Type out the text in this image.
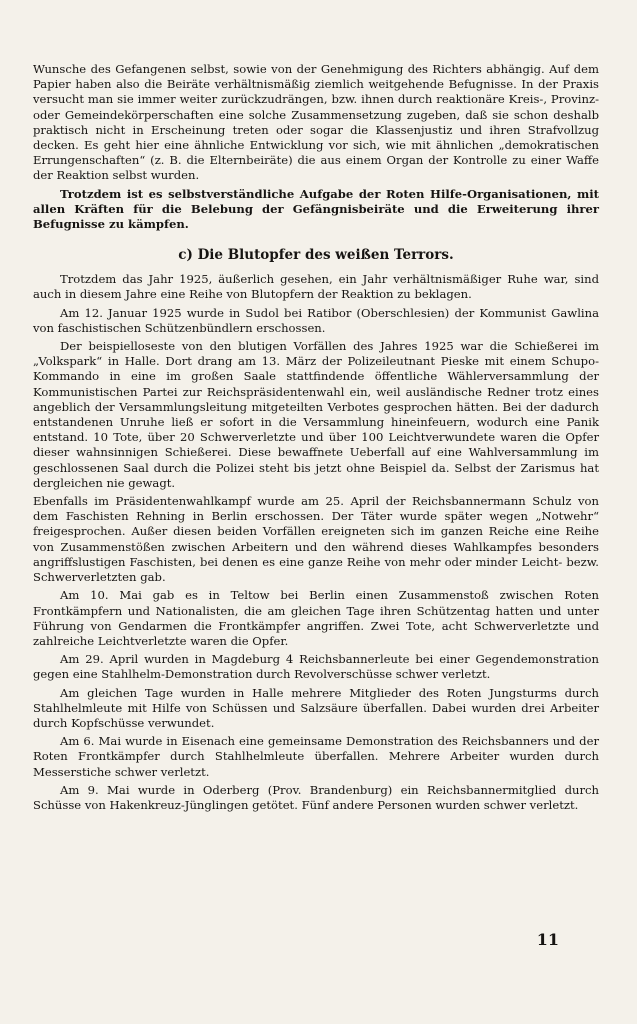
Wunsche des Gefangenen selbst, sowie von der Genehmigung des Richters abhängig. Auf dem Papier haben also die Beiräte verhältnismäßig ziemlich weitgehende Befugnisse. In der Praxis versucht man sie immer weiter zurückzudrängen, bzw. ihnen durch reaktionäre Kreis-, Provinz- oder Gemeindekörperschaften eine solche Zusammensetzung zugeben, daß sie schon deshalb praktisch nicht in Erscheinung treten oder sogar die Klassenjustiz und ihren Strafvollzug decken. Es geht hier eine ähnliche Entwicklung vor sich, wie mit ähnlichen „demokratischen Errungenschaften“ (z. B. die Elternbeiräte) die aus einem Organ der Kontrolle zu einer Waffe der Reaktion selbst wurden.

Trotzdem ist es selbstverständliche Aufgabe der Roten Hilfe-Organisationen, mit allen Kräften für die Belebung der Gefängnisbeiräte und die Erweiterung ihrer Befugnisse zu kämpfen.

c) Die Blutopfer des weißen Terrors.

Trotzdem das Jahr 1925, äußerlich gesehen, ein Jahr verhältnismäßiger Ruhe war, sind auch in diesem Jahre eine Reihe von Blutopfern der Reaktion zu beklagen.

Am 12. Januar 1925 wurde in Sudol bei Ratibor (Oberschlesien) der Kommunist Gawlina von faschistischen Schützenbündlern erschossen.

Der beispielloseste von den blutigen Vorfällen des Jahres 1925 war die Schießerei im „Volkspark“ in Halle. Dort drang am 13. März der Polizeileutnant Pieske mit einem Schupo-Kommando in eine im großen Saale stattfindende öffentliche Wählerversammlung der Kommunistischen Partei zur Reichspräsidentenwahl ein, weil ausländische Redner trotz eines angeblich der Versammlungsleitung mitgeteilten Verbotes gesprochen hätten. Bei der dadurch entstandenen Unruhe ließ er sofort in die Versammlung hineinfeuern, wodurch eine Panik entstand. 10 Tote, über 20 Schwerverletzte und über 100 Leichtverwundete waren die Opfer dieser wahnsinnigen Schießerei. Diese bewaffnete Ueberfall auf eine Wahlversammlung im geschlossenen Saal durch die Polizei steht bis jetzt ohne Beispiel da. Selbst der Zarismus hat dergleichen nie gewagt.

Ebenfalls im Präsidentenwahlkampf wurde am 25. April der Reichsbannermann Schulz von dem Faschisten Rehning in Berlin erschossen. Der Täter wurde später wegen „Notwehr“ freigesprochen. Außer diesen beiden Vorfällen ereigneten sich im ganzen Reiche eine Reihe von Zusammenstößen zwischen Arbeitern und den während dieses Wahlkampfes besonders angriffslustigen Faschisten, bei denen es eine ganze Reihe von mehr oder minder Leicht- bezw. Schwerverletzten gab.

Am 10. Mai gab es in Teltow bei Berlin einen Zusammenstoß zwischen Roten Frontkämpfern und Nationalisten, die am gleichen Tage ihren Schützentag hatten und unter Führung von Gendarmen die Frontkämpfer angriffen. Zwei Tote, acht Schwerverletzte und zahlreiche Leichtverletzte waren die Opfer.

Am 29. April wurden in Magdeburg 4 Reichsbannerleute bei einer Gegendemonstration gegen eine Stahlhelm-Demonstration durch Revolverschüsse schwer verletzt.

Am gleichen Tage wurden in Halle mehrere Mitglieder des Roten Jungsturms durch Stahlhelmleute mit Hilfe von Schüssen und Salzsäure überfallen. Dabei wurden drei Arbeiter durch Kopfschüsse verwundet.

Am 6. Mai wurde in Eisenach eine gemeinsame Demonstration des Reichsbanners und der Roten Frontkämpfer durch Stahlhelmleute überfallen. Mehrere Arbeiter wurden durch Messerstiche schwer verletzt.

Am 9. Mai wurde in Oderberg (Prov. Brandenburg) ein Reichsbannermitglied durch Schüsse von Hakenkreuz-Jünglingen getötet. Fünf andere Personen wurden schwer verletzt.

11
